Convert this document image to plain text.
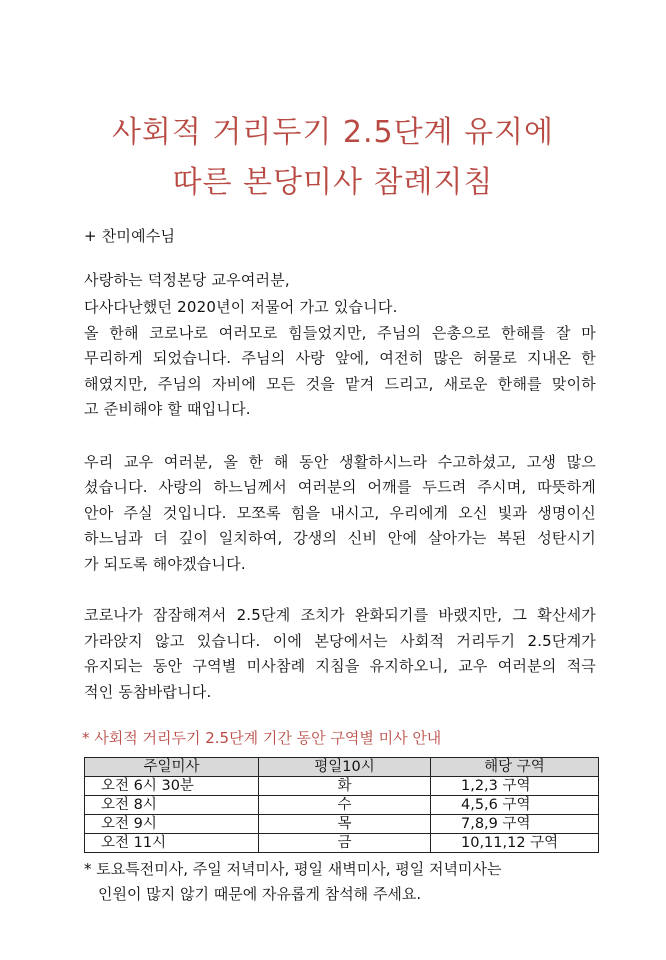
사회적 거리두기 2.5단계 유지에
따른 본당미사 참례지침
+ 찬미예수님
사랑하는 덕정본당 교우여러분,
다사다난했던 2020년이 저물어 가고 있습니다.
올 한해 코로나로 여러모로 힘들었지만, 주님의 은총으로 한해를 잘 마
무리하게 되었습니다. 주님의 사랑 앞에, 여전히 많은 허물로 지내온 한
해였지만, 주님의 자비에 모든 것을 맡겨 드리고, 새로운 한해를 맞이하
고 준비해야 할 때입니다.
우리 교우 여러분, 올 한 해 동안 생활하시느라 수고하셨고, 고생 많으
셨습니다. 사랑의 하느님께서 여러분의 어깨를 두드려 주시며, 따뜻하게
안아 주실 것입니다. 모쪼록 힘을 내시고, 우리에게 오신 빛과 생명이신
하느님과 더 깊이 일치하여, 강생의 신비 안에 살아가는 복된 성탄시기
가 되도록 해야겠습니다.
코로나가 잠잠해져서 2.5단계 조치가 완화되기를 바랬지만, 그 확산세가
가라앉지 않고 있습니다. 이에 본당에서는 사회적 거리두기 2.5단계가
유지되는 동안 구역별 미사참례 지침을 유지하오니, 교우 여러분의 적극
적인 동참바랍니다.
* 사회적 거리두기 2.5단계 기간 동안 구역별 미사 안내
주일미사	평일10시	해당 구역
오전 6시 30분	화	1,2,3 구역
오전 8시	수	4,5,6 구역
오전 9시	목	7,8,9 구역
오전 11시	금	10,11,12 구역
* 토요특전미사, 주일 저녁미사, 평일 새벽미사, 평일 저녁미사는
인원이 많지 않기 때문에 자유롭게 참석해 주세요.
